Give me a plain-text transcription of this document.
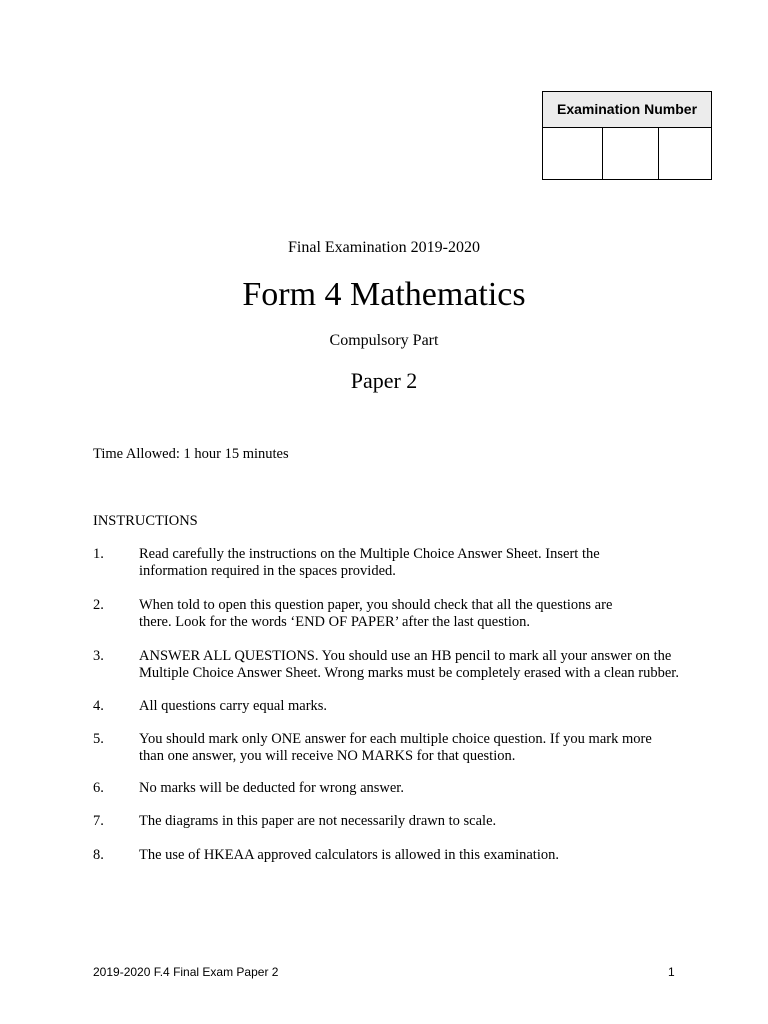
Examination Number
Final Examination 2019-2020
Form 4 Mathematics
Compulsory Part
Paper 2
Time Allowed: 1 hour 15 minutes
INSTRUCTIONS
1.	Read carefully the instructions on the Multiple Choice Answer Sheet. Insert the information required in the spaces provided.
2.	When told to open this question paper, you should check that all the questions are there. Look for the words ‘END OF PAPER’ after the last question.
3.	ANSWER ALL QUESTIONS. You should use an HB pencil to mark all your answer on the Multiple Choice Answer Sheet. Wrong marks must be completely erased with a clean rubber.
4.	All questions carry equal marks.
5.	You should mark only ONE answer for each multiple choice question. If you mark more than one answer, you will receive NO MARKS for that question.
6.	No marks will be deducted for wrong answer.
7.	The diagrams in this paper are not necessarily drawn to scale.
8.	The use of HKEAA approved calculators is allowed in this examination.
2019-2020 F.4 Final Exam Paper 2	1
